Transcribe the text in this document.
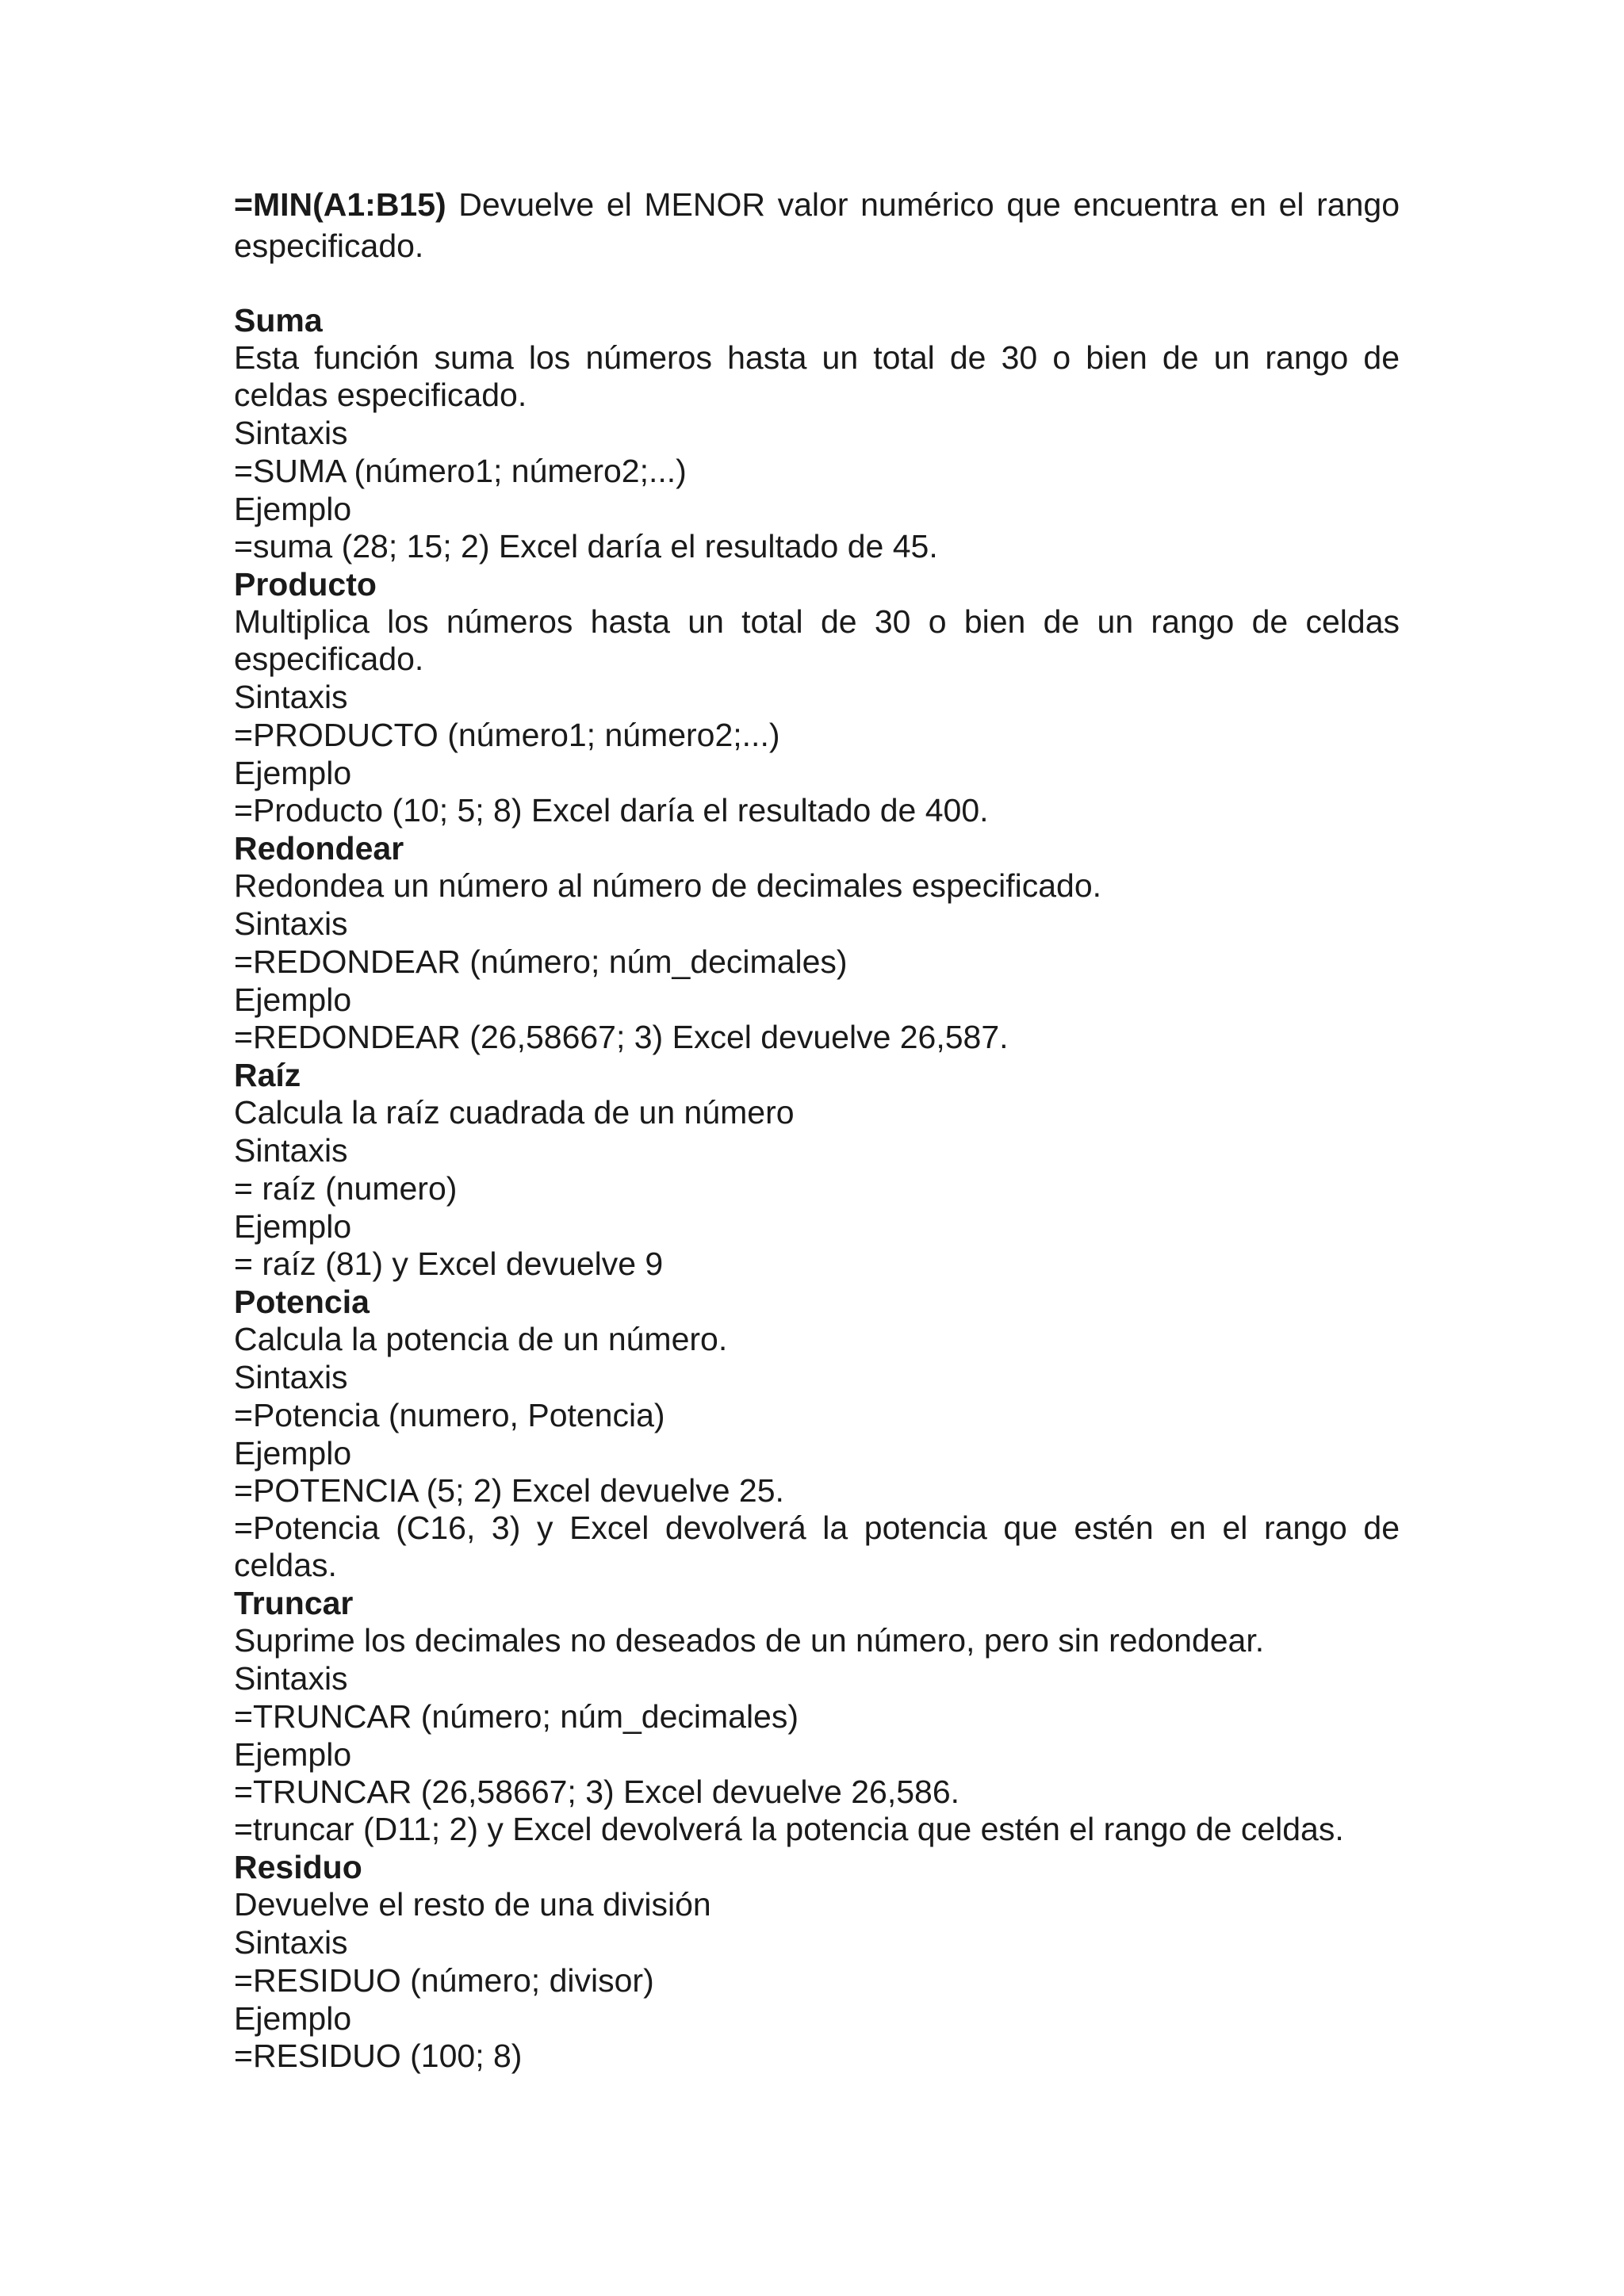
=MIN(A1:B15) Devuelve el MENOR valor numérico que encuentra en el rango especificado.

Suma

Esta función suma los números hasta un total de 30 o bien de un rango de celdas especificado.

Sintaxis

=SUMA (número1; número2;...)

Ejemplo

=suma (28; 15; 2) Excel daría el resultado de 45.

Producto

Multiplica los números hasta un total de 30 o bien de un rango de celdas especificado.

Sintaxis

=PRODUCTO (número1; número2;...)

Ejemplo

=Producto (10; 5; 8) Excel daría el resultado de 400.

Redondear

Redondea un número al número de decimales especificado.

Sintaxis

=REDONDEAR (número; núm_decimales)

Ejemplo

=REDONDEAR (26,58667; 3) Excel devuelve 26,587.

Raíz

Calcula la raíz cuadrada de un número

Sintaxis

= raíz (numero)

Ejemplo

= raíz (81) y Excel devuelve 9

Potencia

Calcula la potencia de un número.

Sintaxis

=Potencia (numero, Potencia)

Ejemplo

=POTENCIA (5; 2) Excel devuelve 25.

=Potencia (C16, 3) y Excel devolverá la potencia que estén en el rango de celdas.

Truncar

Suprime los decimales no deseados de un número, pero sin redondear.

Sintaxis

=TRUNCAR (número; núm_decimales)

Ejemplo

=TRUNCAR (26,58667; 3) Excel devuelve 26,586.

=truncar (D11; 2) y Excel devolverá la potencia que estén el rango de celdas.

Residuo

Devuelve el resto de una división

Sintaxis

=RESIDUO (número; divisor)

Ejemplo

=RESIDUO (100; 8)
